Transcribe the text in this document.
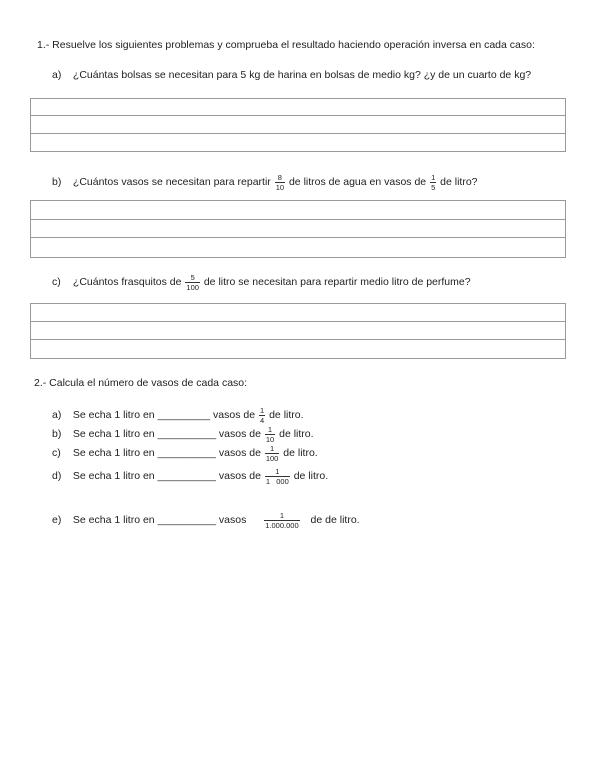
1.- Resuelve los siguientes problemas y comprueba el resultado haciendo operación inversa en cada caso:
a) ¿Cuántas bolsas se necesitan para 5 kg de harina en bolsas de medio kg? ¿y de un cuarto de kg?
b) ¿Cuántos vasos se necesitan para repartir $\frac{8}{10}$ de litros de agua en vasos de $\frac{1}{5}$ de litro?
c) ¿Cuántos frasquitos de $\frac{5}{100}$ de litro se necesitan para repartir medio litro de perfume?
2.- Calcula el número de vasos de cada caso:
a) Se echa 1 litro en _________ vasos de $\frac{1}{4}$ de litro.
b) Se echa 1 litro en __________ vasos de $\frac{1}{10}$ de litro.
c) Se echa 1 litro en __________ vasos de $\frac{1}{100}$ de litro.
d) Se echa 1 litro en __________ vasos de $\frac{1}{1 000}$ de litro.
e) Se echa 1 litro en __________ vasos $\frac{1}{1.000.000}$ de de litro.
